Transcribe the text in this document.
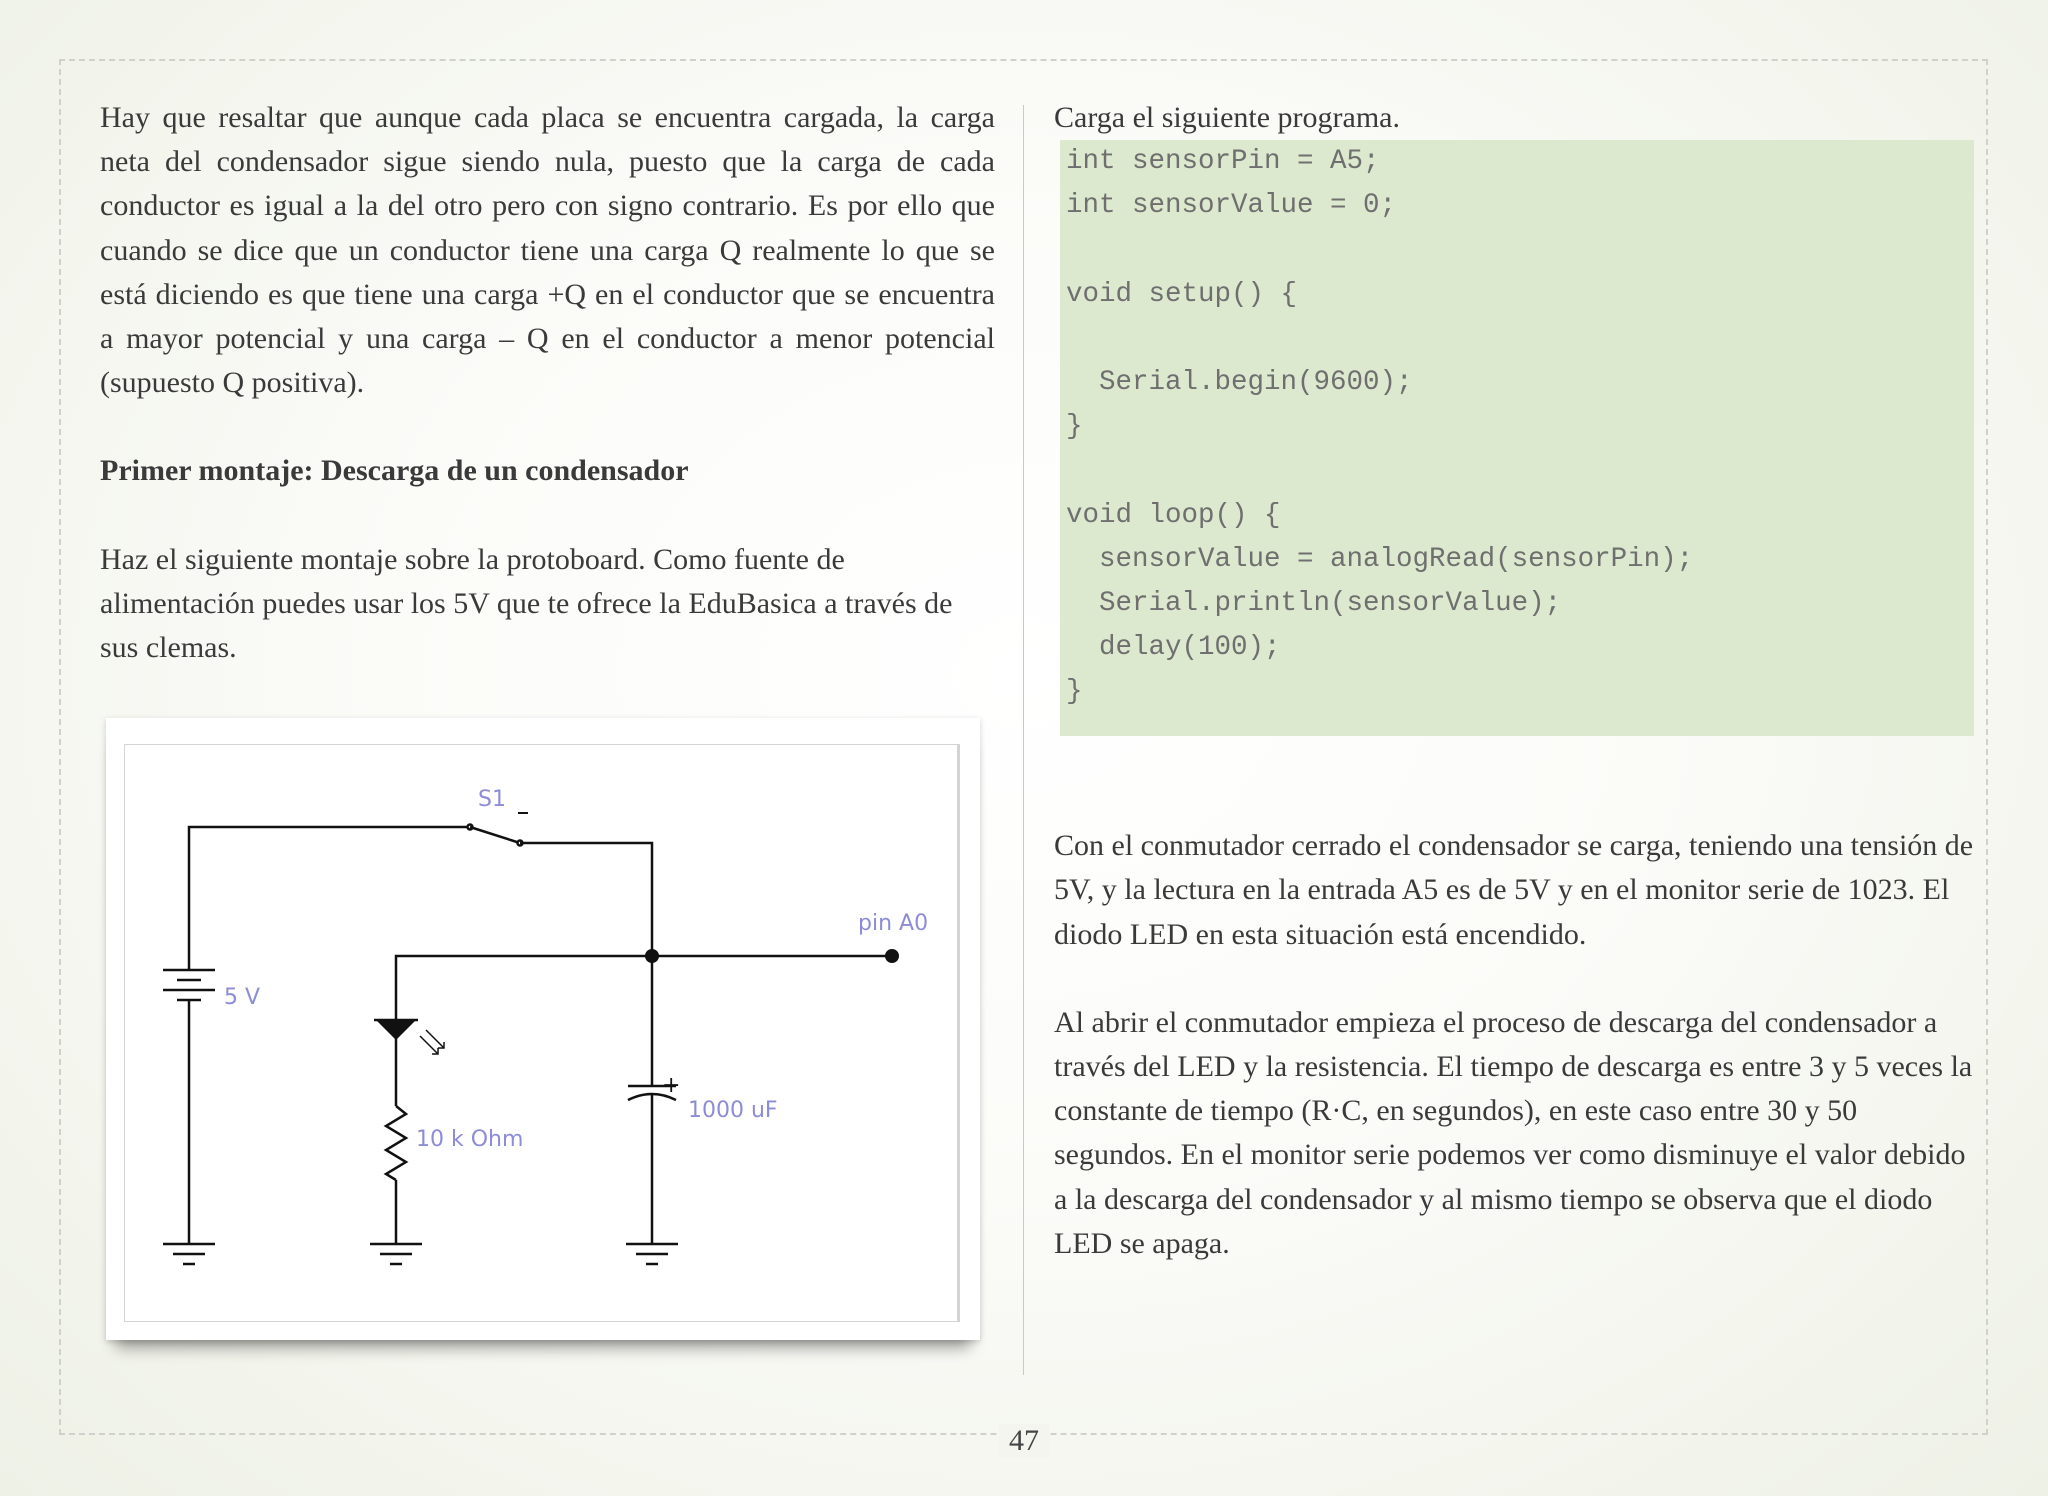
Hay que resaltar que aunque cada placa se encuentra cargada, la carga neta del condensador sigue siendo nula, puesto que la carga de cada conductor es igual a la del otro pero con signo contrario. Es por ello que cuando se dice que un conductor tiene una carga Q realmente lo que se está diciendo es que tiene una carga +Q en el conductor que se encuentra a mayor potencial y una carga – Q en el conductor a menor potencial (supuesto Q positiva).

Primer montaje: Descarga de un condensador

Haz el siguiente montaje sobre la protoboard. Como fuente de alimentación puedes usar los 5V que te ofrece la EduBasica a través de sus clemas.

S1
5 V
10 k Ohm
1000 uF
+
pin A0

Carga el siguiente programa.

int sensorPin = A5;
int sensorValue = 0;
void setup() {
Serial.begin(9600);
}
void loop() {
sensorValue = analogRead(sensorPin);
Serial.println(sensorValue);
delay(100);
}

Con el conmutador cerrado el condensador se carga, teniendo una tensión de 5V, y la lectura en la entrada A5 es de 5V y en el monitor serie de 1023. El diodo LED en esta situación está encendido.

Al abrir el conmutador empieza el proceso de descarga del condensador a través del LED y la resistencia. El tiempo de descarga es entre 3 y 5 veces la constante de tiempo (R·C, en segundos), en este caso entre 30 y 50 segundos. En el monitor serie podemos ver como disminuye el valor debido a la descarga del condensador y al mismo tiempo se observa que el diodo LED se apaga.

47
